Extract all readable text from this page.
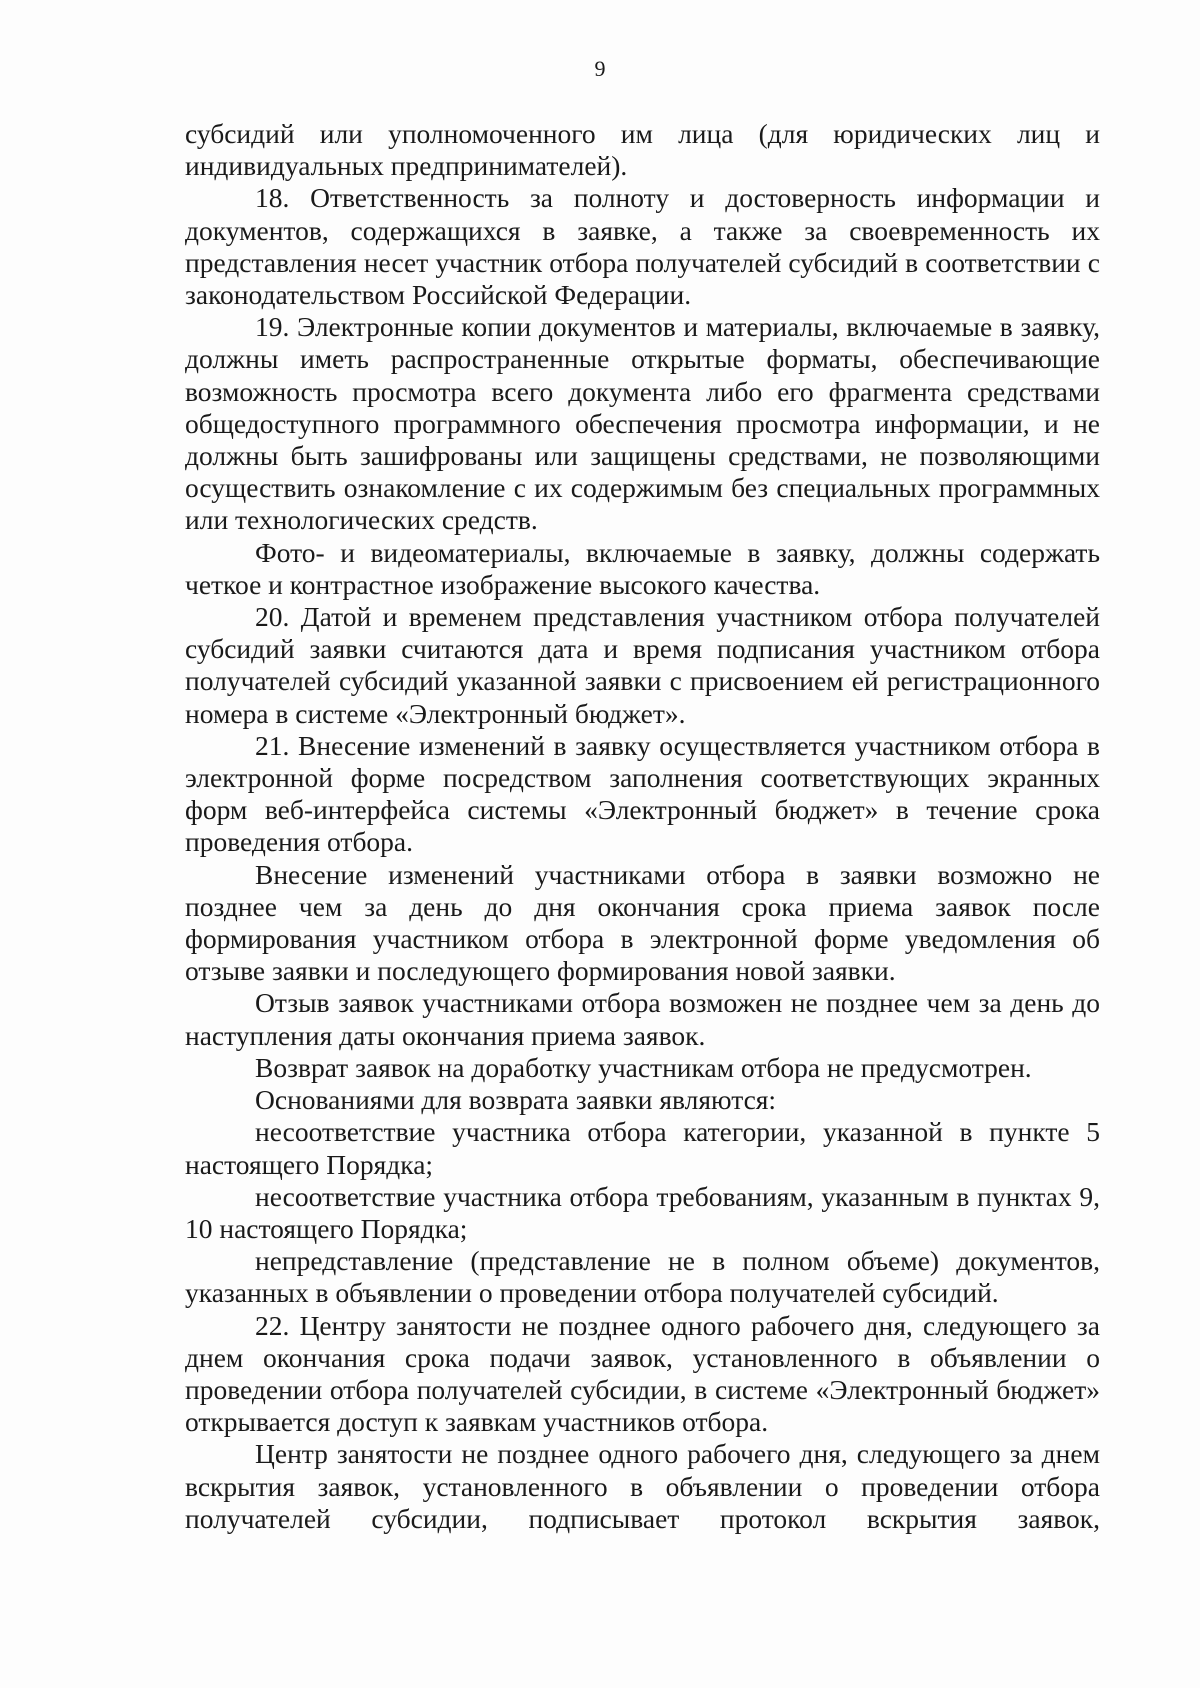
9

субсидий или уполномоченного им лица (для юридических лиц и индивидуальных предпринимателей).

18. Ответственность за полноту и достоверность информации и документов, содержащихся в заявке, а также за своевременность их представления несет участник отбора получателей субсидий в соответствии с законодательством Российской Федерации.

19. Электронные копии документов и материалы, включаемые в заявку, должны иметь распространенные открытые форматы, обеспечивающие возможность просмотра всего документа либо его фрагмента средствами общедоступного программного обеспечения просмотра информации, и не должны быть зашифрованы или защищены средствами, не позволяющими осуществить ознакомление с их содержимым без специальных программных или технологических средств.

Фото- и видеоматериалы, включаемые в заявку, должны содержать четкое и контрастное изображение высокого качества.

20. Датой и временем представления участником отбора получателей субсидий заявки считаются дата и время подписания участником отбора получателей субсидий указанной заявки с присвоением ей регистрационного номера в системе «Электронный бюджет».

21. Внесение изменений в заявку осуществляется участником отбора в электронной форме посредством заполнения соответствующих экранных форм веб-интерфейса системы «Электронный бюджет» в течение срока проведения отбора.

Внесение изменений участниками отбора в заявки возможно не позднее чем за день до дня окончания срока приема заявок после формирования участником отбора в электронной форме уведомления об отзыве заявки и последующего формирования новой заявки.

Отзыв заявок участниками отбора возможен не позднее чем за день до наступления даты окончания приема заявок.

Возврат заявок на доработку участникам отбора не предусмотрен.

Основаниями для возврата заявки являются:

несоответствие участника отбора категории, указанной в пункте 5 настоящего Порядка;

несоответствие участника отбора требованиям, указанным в пунктах 9, 10 настоящего Порядка;

непредставление (представление не в полном объеме) документов, указанных в объявлении о проведении отбора получателей субсидий.

22. Центру занятости не позднее одного рабочего дня, следующего за днем окончания срока подачи заявок, установленного в объявлении о проведении отбора получателей субсидии, в системе «Электронный бюджет» открывается доступ к заявкам участников отбора.

Центр занятости не позднее одного рабочего дня, следующего за днем вскрытия заявок, установленного в объявлении о проведении отбора получателей субсидии, подписывает протокол вскрытия заявок,
